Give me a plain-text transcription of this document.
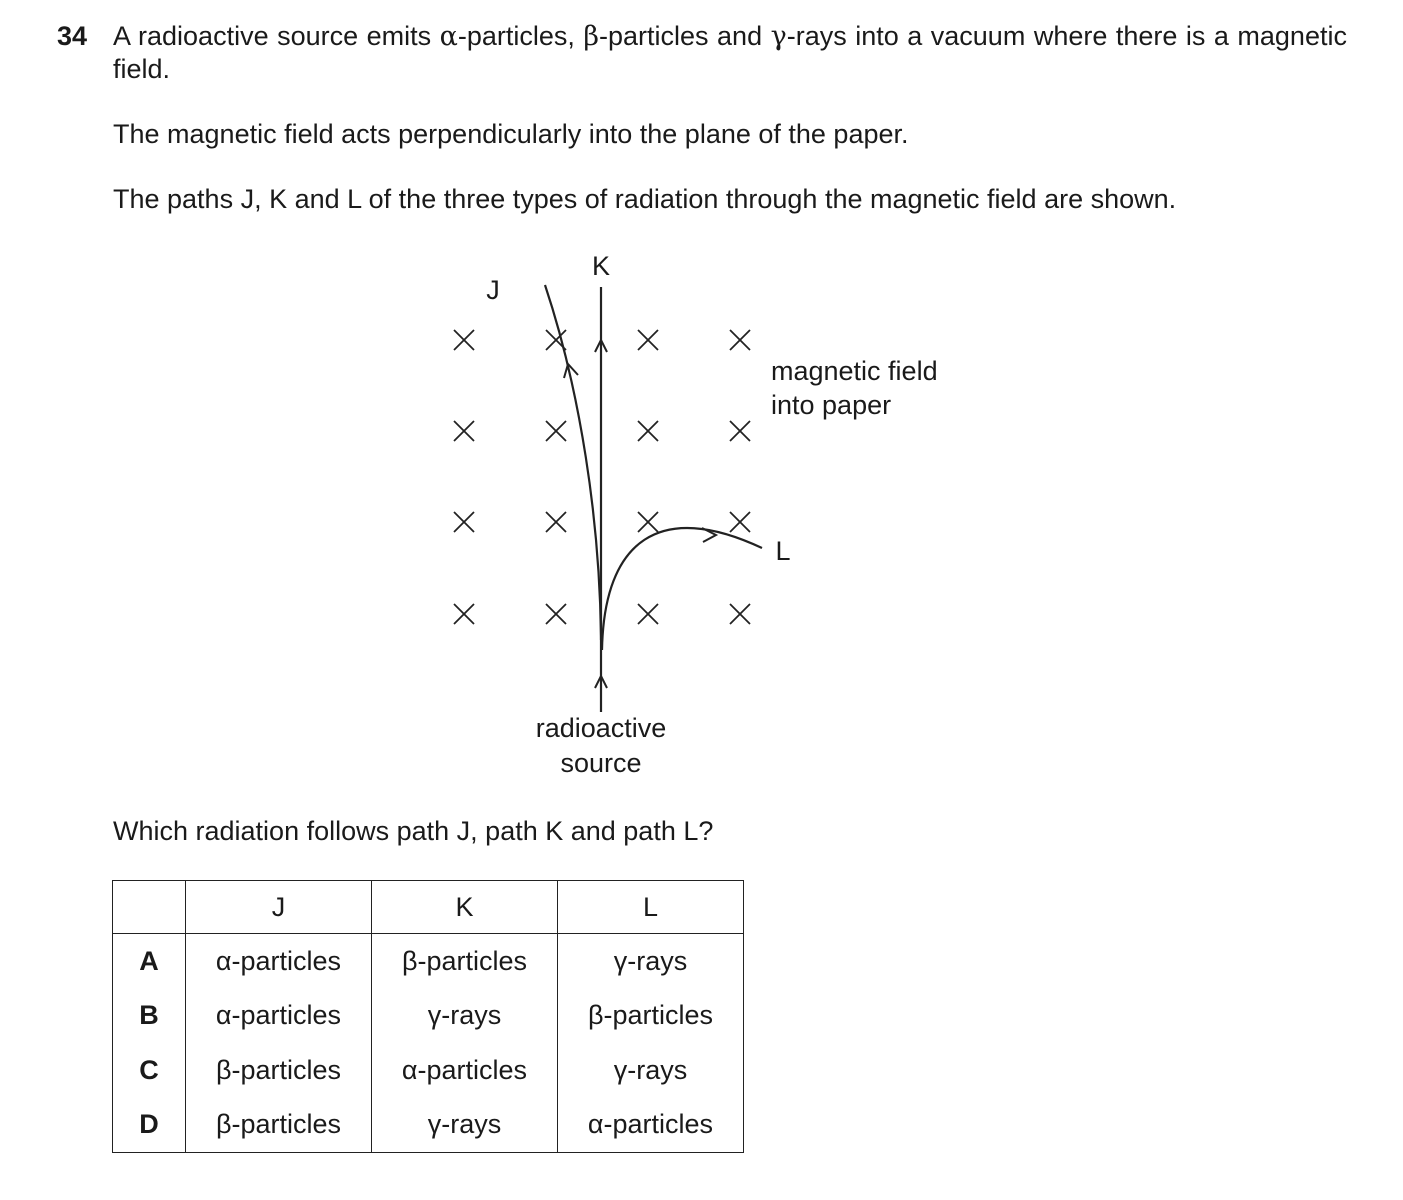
34 A radioactive source emits α-particles, β-particles and γ-rays into a vacuum where there is a magnetic field.
The magnetic field acts perpendicularly into the plane of the paper.
The paths J, K and L of the three types of radiation through the magnetic field are shown.
J
K
L
magnetic field
into paper
radioactive
source
Which radiation follows path J, path K and path L?
	J	K	L
A	α-particles	β-particles	γ-rays
B	α-particles	γ-rays	β-particles
C	β-particles	α-particles	γ-rays
D	β-particles	γ-rays	α-particles
